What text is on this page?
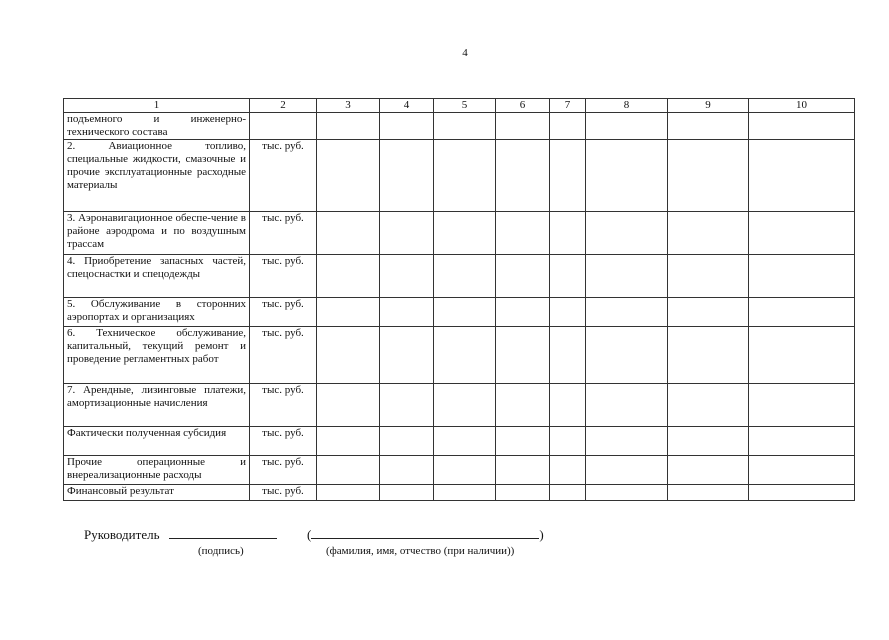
4
1	2	3	4	5	6	7	8	9	10
подъемного и инженерно-технического состава									
2. Авиационное топливо, специальные жидкости, смазочные и прочие эксплуатационные расходные материалы	тыс. руб.								
3. Аэронавигационное обеспе-чение в районе аэродрома и по воздушным трассам	тыс. руб.								
4. Приобретение запасных частей, спецоснастки и спецодежды	тыс. руб.								
5. Обслуживание в сторонних аэропортах и организациях	тыс. руб.								
6. Техническое обслуживание, капитальный, текущий ремонт и проведение регламентных работ	тыс. руб.								
7. Арендные, лизинговые платежи, амортизационные начисления	тыс. руб.								
Фактически полученная субсидия	тыс. руб.								
Прочие операционные и внереализационные расходы	тыс. руб.								
Финансовый результат	тыс. руб.								
Руководитель	(	)
(подпись)	(фамилия, имя, отчество (при наличии))
